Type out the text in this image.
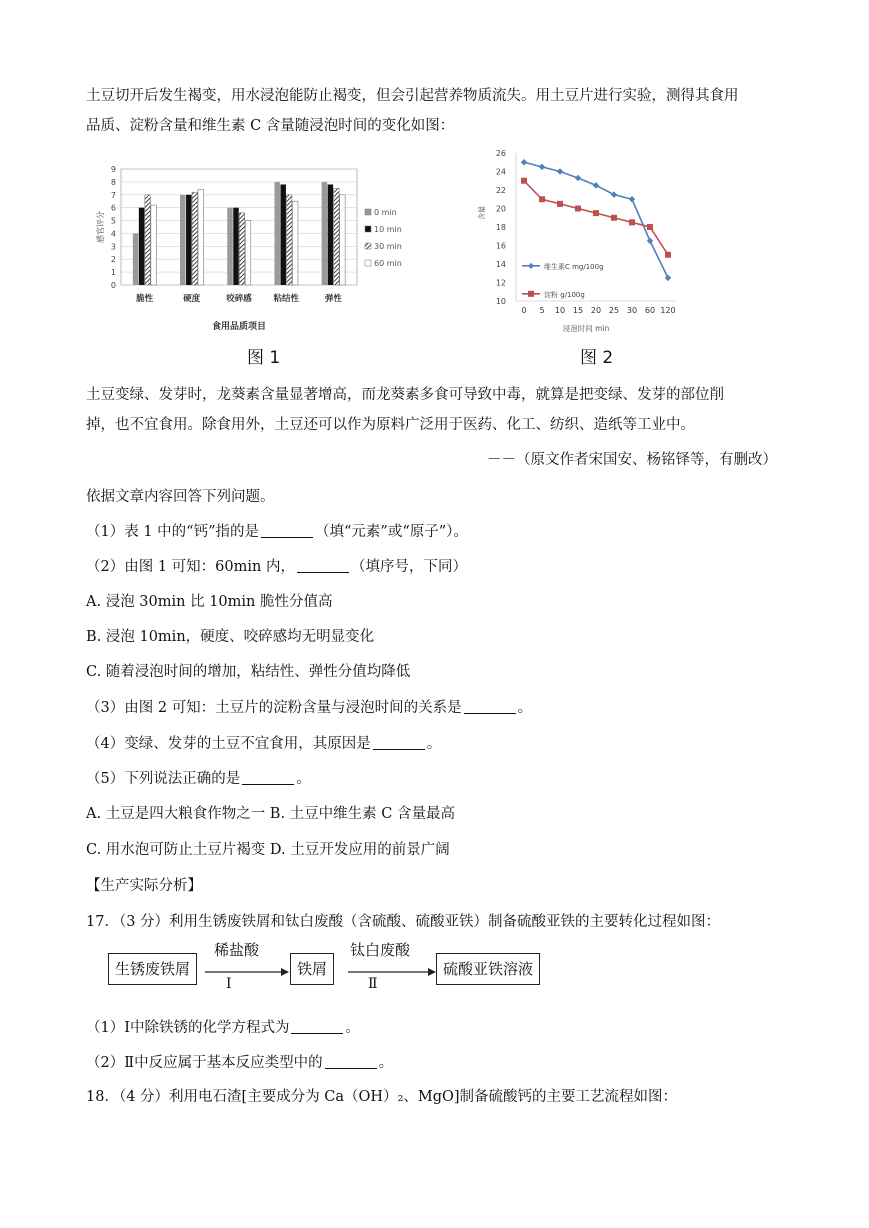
土豆切开后发生褐变，用水浸泡能防止褐变，但会引起营养物质流失。用土豆片进行实验，测得其食用
品质、淀粉含量和维生素 C 含量随浸泡时间的变化如图：
0
1
2
3
4
5
6
7
8
9
感官评分
脆性	硬度	咬碎感	粘结性	弹性
食用品质项目
0 min
10 min
30 min
60 min
图 1
10
12
14
16
18
20
22
24
26
含量
0 5 10 15 20 25 30 60 120
浸泡时间 min
维生素C mg/100g
淀粉 g/100g
图 2
土豆变绿、发芽时，龙葵素含量显著增高，而龙葵素多食可导致中毒，就算是把变绿、发芽的部位削
掉，也不宜食用。除食用外，土豆还可以作为原料广泛用于医药、化工、纺织、造纸等工业中。
－－（原文作者宋国安、杨铭铎等，有删改）
依据文章内容回答下列问题。
（1）表 1 中的“钙”指的是	（填“元素”或“原子”）。
（2）由图 1 可知：60min 内，	（填序号，下同）
A. 浸泡 30min 比 10min 脆性分值高
B. 浸泡 10min，硬度、咬碎感均无明显变化
C. 随着浸泡时间的增加，粘结性、弹性分值均降低
（3）由图 2 可知：土豆片的淀粉含量与浸泡时间的关系是	。
（4）变绿、发芽的土豆不宜食用，其原因是	。
（5）下列说法正确的是	。
A. 土豆是四大粮食作物之一 B. 土豆中维生素 C 含量最高
C. 用水泡可防止土豆片褐变 D. 土豆开发应用的前景广阔
【生产实际分析】
17．（3 分）利用生锈废铁屑和钛白废酸（含硫酸、硫酸亚铁）制备硫酸亚铁的主要转化过程如图：
生锈废铁屑
稀盐酸
Ⅰ
铁屑
钛白废酸
Ⅱ
硫酸亚铁溶液
（1）Ⅰ中除铁锈的化学方程式为	。
（2）Ⅱ中反应属于基本反应类型中的	。
18．（4 分）利用电石渣[主要成分为 Ca（OH）₂、MgO]制备硫酸钙的主要工艺流程如图：
